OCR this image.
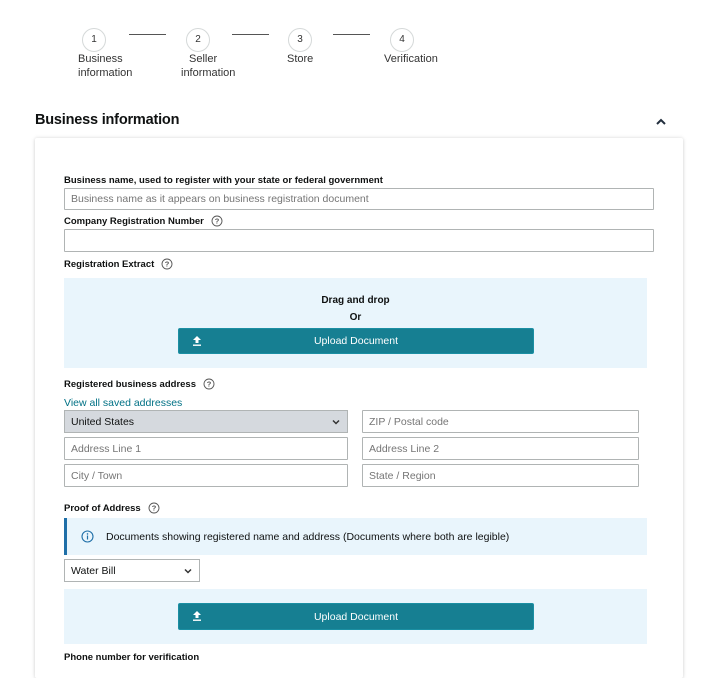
1
Business
information
2
Seller
information
3
Store
4
Verification
Business information
Business name, used to register with your state or federal government
Business name as it appears on business registration document
Company Registration Number ?
Registration Extract ?
Drag and drop
Or
Upload Document
Registered business address ?
View all saved addresses
United States
ZIP / Postal code
Address Line 1
Address Line 2
City / Town
State / Region
Proof of Address ?
Documents showing registered name and address (Documents where both are legible)
Water Bill
Upload Document
Phone number for verification
